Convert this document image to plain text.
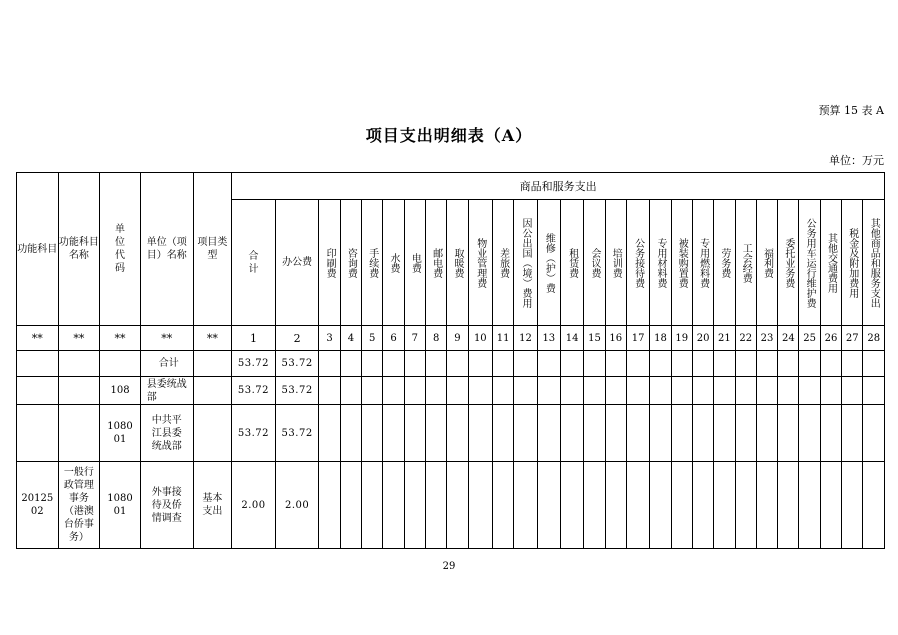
预算 15 表 A
项目支出明细表（A）
单位：万元
功能科目	功能科目名称	单位代码	单位（项目）名称	项目类型	商品和服务支出																											

					合计	办公费	印刷费	咨询费	手续费	水费	电费	邮电费	取暖费	物业管理费	差旅费	因公出国（境）费用	维修（护）费	租赁费	会议费	培训费	公务接待费	专用材料费	被装购置费	专用燃料费	劳务费	工会经费	福利费	委托业务费	公务用车运行维护费	其他交通费用	税金及附加费用	其他商品和服务支出

**	**	**	**	**	1	2	3	4	5	6	7	8	9	10	11	12	13	14	15	16	17	18	19	20	21	22	23	24	25	26	27	28
			合计		53.72	53.72																										
		108	县委统战部		53.72	53.72																										

		108001	中共平江县委统战部		53.72	53.72																										

2012502	一般行政管理事务（港澳台侨事务）	108001	外事接待及侨情调查	基本支出	2.00	2.00																										
29
